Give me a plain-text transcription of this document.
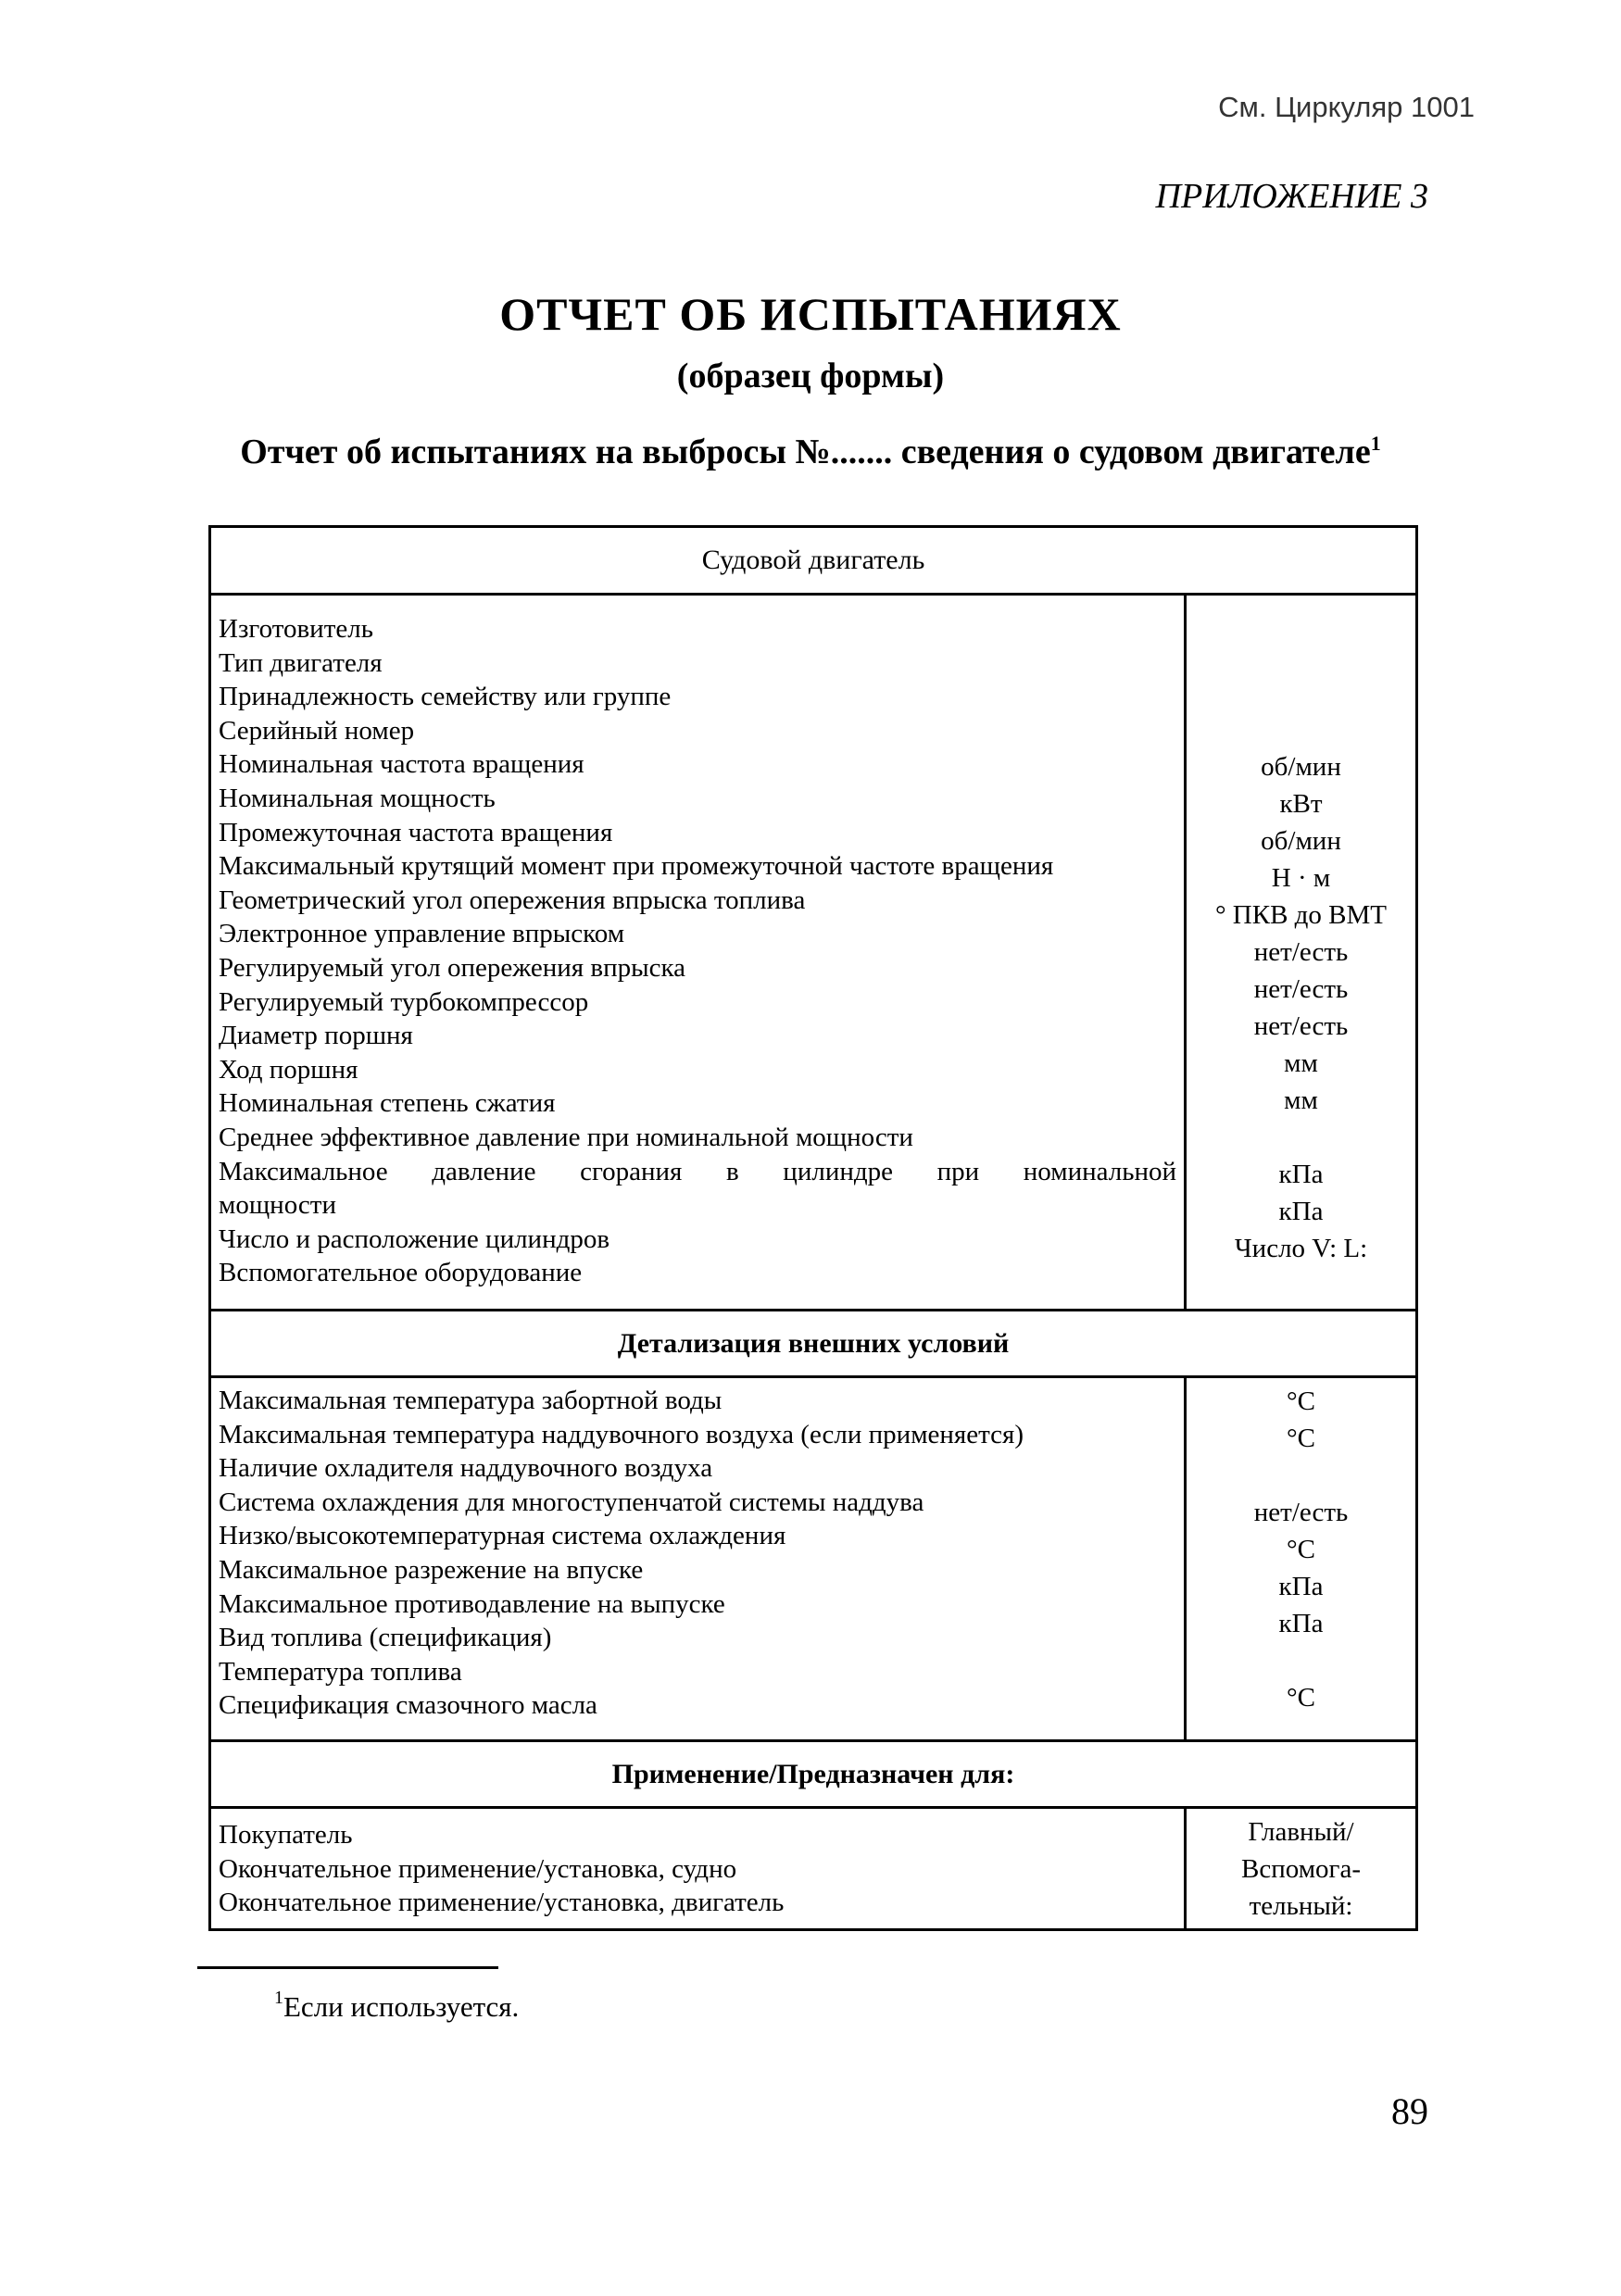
См. Циркуляр 1001
ПРИЛОЖЕНИЕ 3
ОТЧЕТ ОБ ИСПЫТАНИЯХ
(образец формы)
Отчет об испытаниях на выбросы №....... сведения о судовом двигателе$^1$
Судовой двигатель
Изготовитель
Тип двигателя
Принадлежность семейству или группе
Серийный номер
Номинальная частота вращения
Номинальная мощность
Промежуточная частота вращения
Максимальный крутящий момент при промежуточной частоте вращения
Геометрический угол опережения впрыска топлива
Электронное управление впрыском
Регулируемый угол опережения впрыска
Регулируемый турбокомпрессор
Диаметр поршня
Ход поршня
Номинальная степень сжатия
Среднее эффективное давление при номинальной мощности
Максимальное давление сгорания в цилиндре при номинальной
мощности
Число и расположение цилиндров
Вспомогательное оборудование
об/мин
кВт
об/мин
Н · м
° ПКВ до ВМТ
нет/есть
нет/есть
нет/есть
мм
мм
кПа
кПа
Число V: L:
Детализация внешних условий
Максимальная температура забортной воды
Максимальная температура наддувочного воздуха (если применяется)
Наличие охладителя наддувочного воздуха
Система охлаждения для многоступенчатой системы наддува
Низко/высокотемпературная система охлаждения
Максимальное разрежение на впуске
Максимальное противодавление на выпуске
Вид топлива (спецификация)
Температура топлива
Спецификация смазочного масла
°C
°C
нет/есть
°C
кПа
кПа
°C
Применение/Предназначен для:
Покупатель
Окончательное применение/установка, судно
Окончательное применение/установка, двигатель
Главный/
Вспомога-
тельный:
$^1$Если используется.
89
